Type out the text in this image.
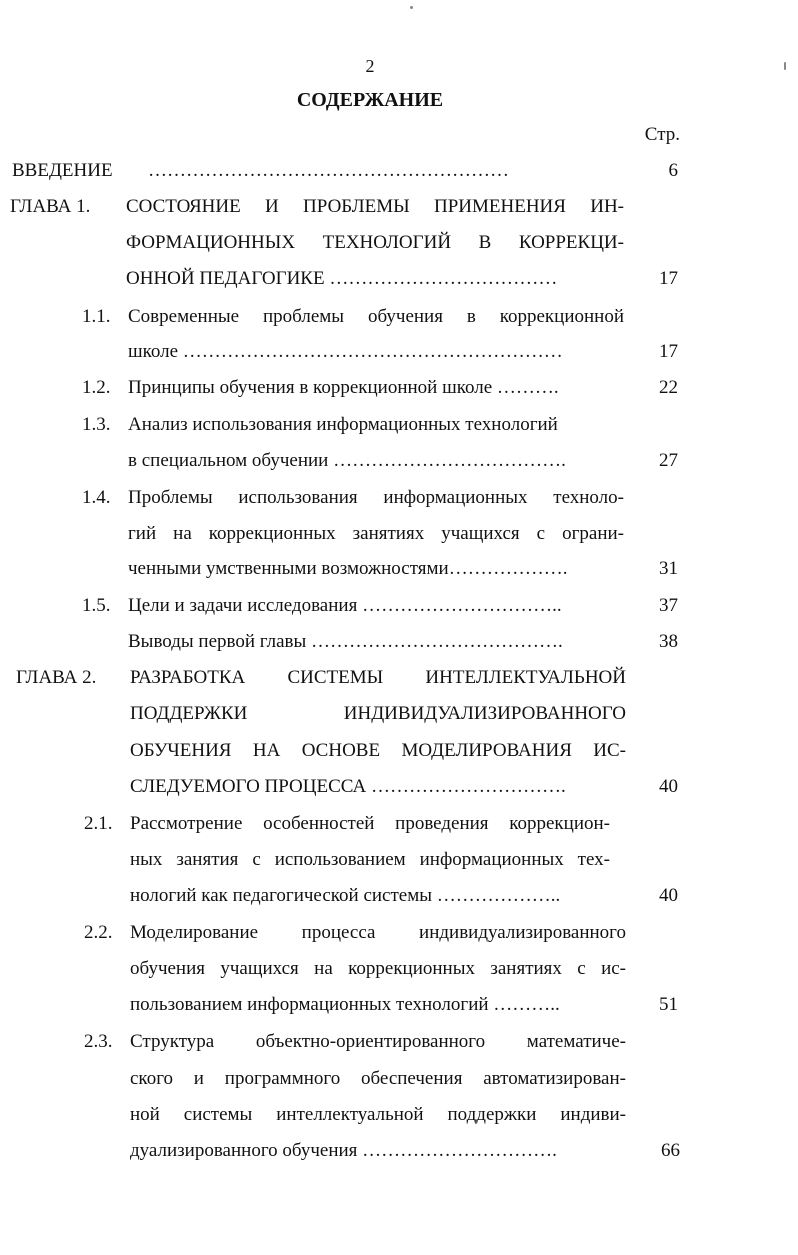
2
СОДЕРЖАНИЕ
Стр.
ВВЕДЕНИЕ …………………………………………………	6
ГЛАВА 1. СОСТОЯНИЕ И ПРОБЛЕМЫ ПРИМЕНЕНИЯ ИН-
ФОРМАЦИОННЫХ ТЕХНОЛОГИЙ В КОРРЕКЦИ-
ОННОЙ ПЕДАГОГИКЕ ………………………………	17
1.1. Современные проблемы обучения в коррекционной
школе ……………………………………………………	17
1.2. Принципы обучения в коррекционной школе ……….	22
1.3. Анализ использования информационных технологий
в специальном обучении ……………………………….	27
1.4. Проблемы использования информационных техноло-
гий на коррекционных занятиях учащихся с ограни-
ченными умственными возможностями……………….	31
1.5. Цели и задачи исследования …………………………..	37
Выводы первой главы ………………………………….	38
ГЛАВА 2. РАЗРАБОТКА СИСТЕМЫ ИНТЕЛЛЕКТУАЛЬНОЙ
ПОДДЕРЖКИ ИНДИВИДУАЛИЗИРОВАННОГО
ОБУЧЕНИЯ НА ОСНОВЕ МОДЕЛИРОВАНИЯ ИС-
СЛЕДУЕМОГО ПРОЦЕССА ………………………….	40
2.1. Рассмотрение особенностей проведения коррекцион-
ных занятия с использованием информационных тех-
нологий как педагогической системы ………………..	40
2.2. Моделирование процесса индивидуализированного
обучения учащихся на коррекционных занятиях с ис-
пользованием информационных технологий ………..	51
2.3. Структура объектно-ориентированного математиче-
ского и программного обеспечения автоматизирован-
ной системы интеллектуальной поддержки индиви-
дуализированного обучения ………………………….	66
